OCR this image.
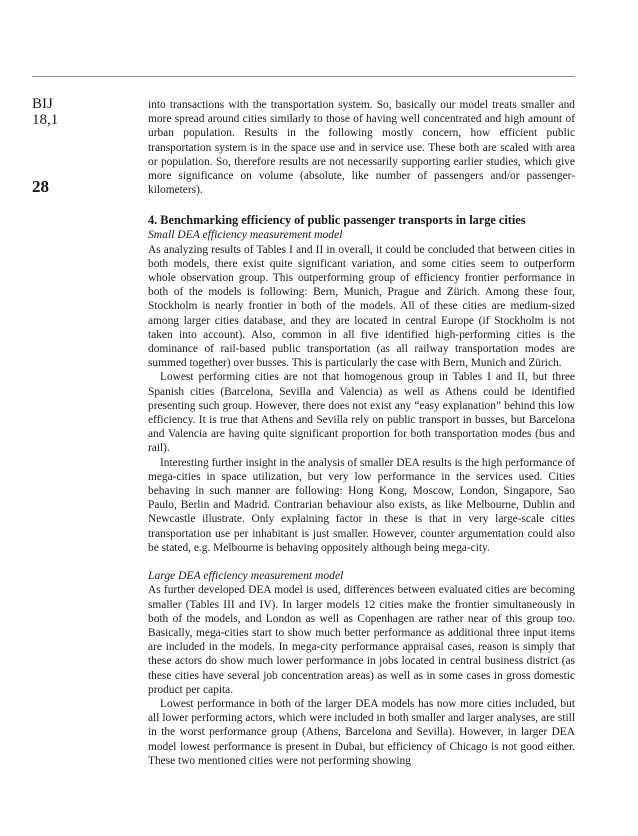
BIJ
18,1
28

into transactions with the transportation system. So, basically our model treats smaller and more spread around cities similarly to those of having well concentrated and high amount of urban population. Results in the following mostly concern, how efficient public transportation system is in the space use and in service use. These both are scaled with area or population. So, therefore results are not necessarily supporting earlier studies, which give more significance on volume (absolute, like number of passengers and/or passenger-kilometers).

4. Benchmarking efficiency of public passenger transports in large cities
Small DEA efficiency measurement model

As analyzing results of Tables I and II in overall, it could be concluded that between cities in both models, there exist quite significant variation, and some cities seem to outperform whole observation group. This outperforming group of efficiency frontier performance in both of the models is following: Bern, Munich, Prague and Zürich. Among these four, Stockholm is nearly frontier in both of the models. All of these cities are medium-sized among larger cities database, and they are located in central Europe (if Stockholm is not taken into account). Also, common in all five identified high-performing cities is the dominance of rail-based public transportation (as all railway transportation modes are summed together) over busses. This is particularly the case with Bern, Munich and Zürich.

Lowest performing cities are not that homogenous group in Tables I and II, but three Spanish cities (Barcelona, Sevilla and Valencia) as well as Athens could be identified presenting such group. However, there does not exist any “easy explanation” behind this low efficiency. It is true that Athens and Sevilla rely on public transport in busses, but Barcelona and Valencia are having quite significant proportion for both transportation modes (bus and rail).

Interesting further insight in the analysis of smaller DEA results is the high performance of mega-cities in space utilization, but very low performance in the services used. Cities behaving in such manner are following: Hong Kong, Moscow, London, Singapore, Sao Paulo, Berlin and Madrid. Contrarian behaviour also exists, as like Melbourne, Dublin and Newcastle illustrate. Only explaining factor in these is that in very large-scale cities transportation use per inhabitant is just smaller. However, counter argumentation could also be stated, e.g. Melbourne is behaving oppositely although being mega-city.

Large DEA efficiency measurement model

As further developed DEA model is used, differences between evaluated cities are becoming smaller (Tables III and IV). In larger models 12 cities make the frontier simultaneously in both of the models, and London as well as Copenhagen are rather near of this group too. Basically, mega-cities start to show much better performance as additional three input items are included in the models. In mega-city performance appraisal cases, reason is simply that these actors do show much lower performance in jobs located in central business district (as these cities have several job concentration areas) as well as in some cases in gross domestic product per capita.

Lowest performance in both of the larger DEA models has now more cities included, but all lower performing actors, which were included in both smaller and larger analyses, are still in the worst performance group (Athens, Barcelona and Sevilla). However, in larger DEA model lowest performance is present in Dubai, but efficiency of Chicago is not good either. These two mentioned cities were not performing showing
